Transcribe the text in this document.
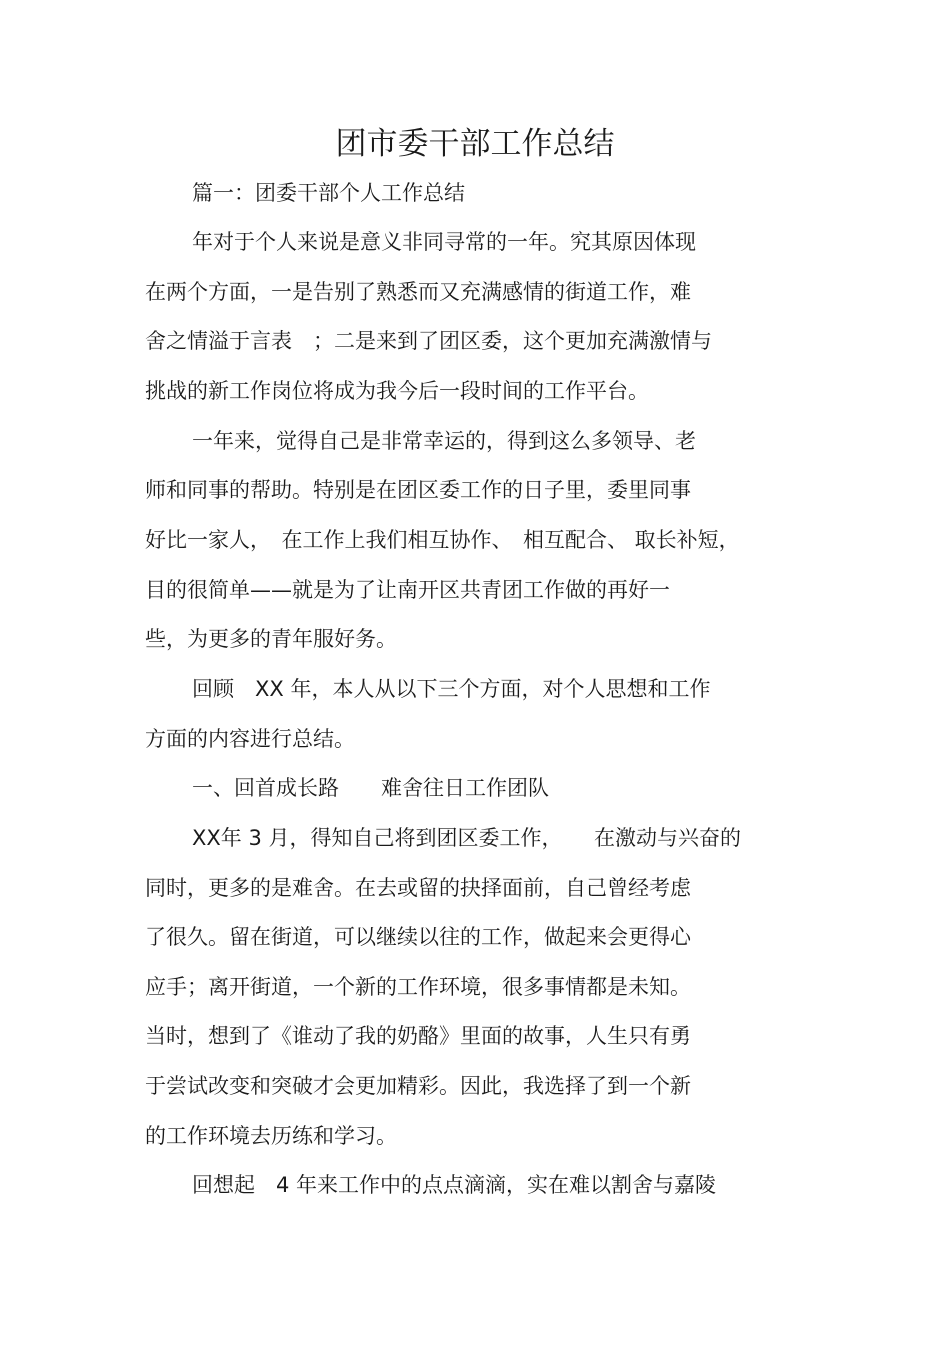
团市委干部工作总结
篇一：团委干部个人工作总结
年对于个人来说是意义非同寻常的一年。究其原因体现
在两个方面，一是告别了熟悉而又充满感情的街道工作，难
舍之情溢于言表　；二是来到了团区委，这个更加充满激情与
挑战的新工作岗位将成为我今后一段时间的工作平台。
一年来，觉得自己是非常幸运的，得到这么多领导、老
师和同事的帮助。特别是在团区委工作的日子里，委里同事
好比一家人，　在工作上我们相互协作、　相互配合、 取长补短，
目的很简单——就是为了让南开区共青团工作做的再好一
些，为更多的青年服好务。
回顾　XX 年，本人从以下三个方面，对个人思想和工作
方面的内容进行总结。
一、回首成长路　　难舍往日工作团队
XX年 3 月，得知自己将到团区委工作，　　在激动与兴奋的
同时，更多的是难舍。在去或留的抉择面前，自己曾经考虑
了很久。留在街道，可以继续以往的工作，做起来会更得心
应手；离开街道，一个新的工作环境，很多事情都是未知。
当时，想到了《谁动了我的奶酪》里面的故事，人生只有勇
于尝试改变和突破才会更加精彩。因此，我选择了到一个新
的工作环境去历练和学习。
回想起　4 年来工作中的点点滴滴，实在难以割舍与嘉陵
